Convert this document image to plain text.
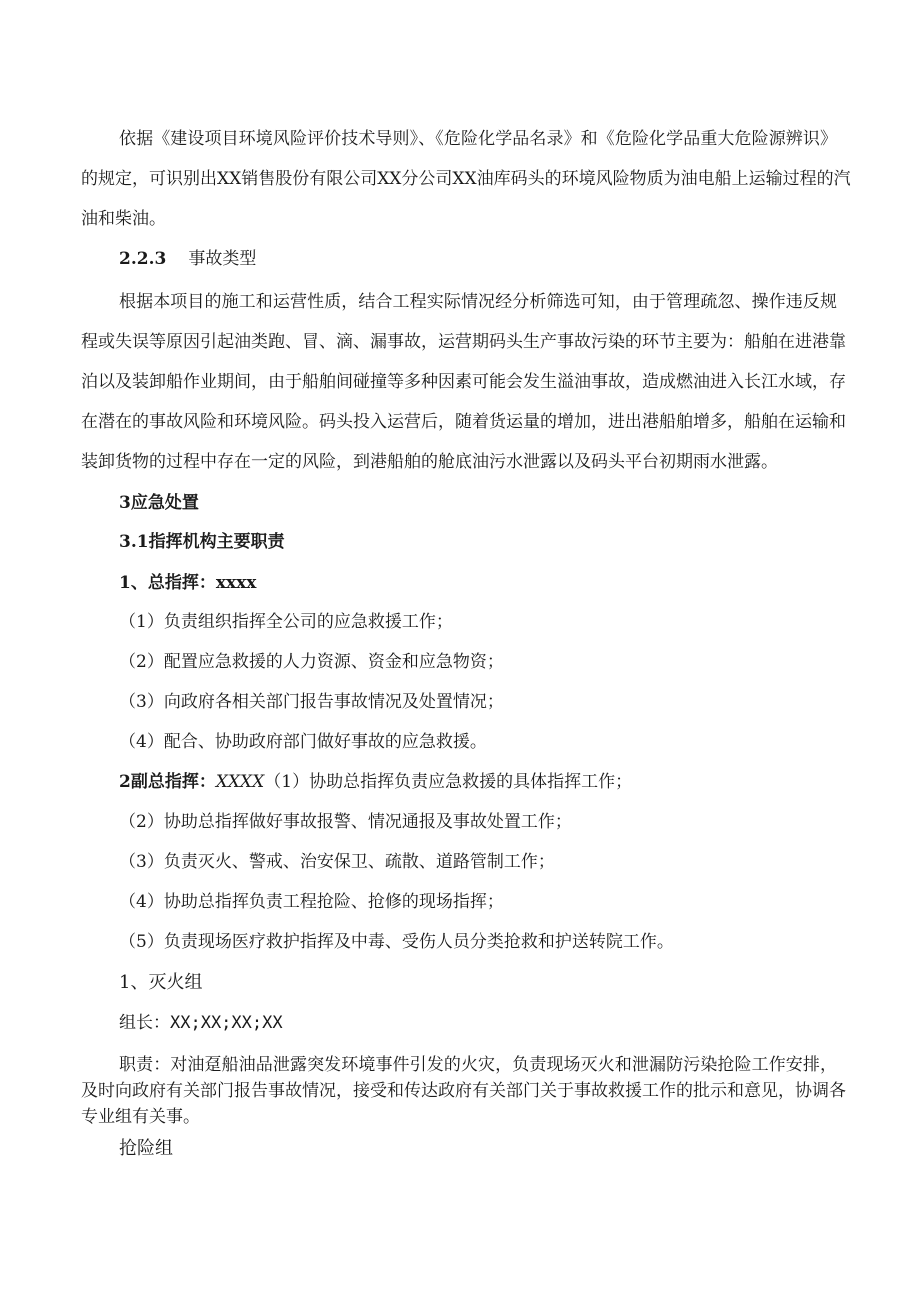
依据《建设项目环境风险评价技术导则》、《危险化学品名录》和《危险化学品重大危险源辨识》
的规定，可识别出XX销售股份有限公司XX分公司XX油库码头的环境风险物质为油电船上运输过程的汽
油和柴油。
2.2.3 事故类型
根据本项目的施工和运营性质，结合工程实际情况经分析筛选可知，由于管理疏忽、操作违反规
程或失误等原因引起油类跑、冒、滴、漏事故，运营期码头生产事故污染的环节主要为：船舶在进港靠
泊以及装卸船作业期间，由于船舶间碰撞等多种因素可能会发生溢油事故，造成燃油进入长江水域，存
在潜在的事故风险和环境风险。码头投入运营后，随着货运量的增加，进出港船舶增多，船舶在运输和
装卸货物的过程中存在一定的风险，到港船舶的舱底油污水泄露以及码头平台初期雨水泄露。
3应急处置
3.1指挥机构主要职责
1、总指挥：xxxx
（1）负责组织指挥全公司的应急救援工作；
（2）配置应急救援的人力资源、资金和应急物资；
（3）向政府各相关部门报告事故情况及处置情况；
（4）配合、协助政府部门做好事故的应急救援。
2副总指挥：XXXX（1）协助总指挥负责应急救援的具体指挥工作；
（2）协助总指挥做好事故报警、情况通报及事故处置工作；
（3）负责灭火、警戒、治安保卫、疏散、道路管制工作；
（4）协助总指挥负责工程抢险、抢修的现场指挥；
（5）负责现场医疗救护指挥及中毒、受伤人员分类抢救和护送转院工作。
1、灭火组
组长：XX;XX;XX;XX
职责：对油趸船油品泄露突发环境事件引发的火灾，负责现场灭火和泄漏防污染抢险工作安排，
及时向政府有关部门报告事故情况，接受和传达政府有关部门关于事故救援工作的批示和意见，协调各
专业组有关事。
抢险组
